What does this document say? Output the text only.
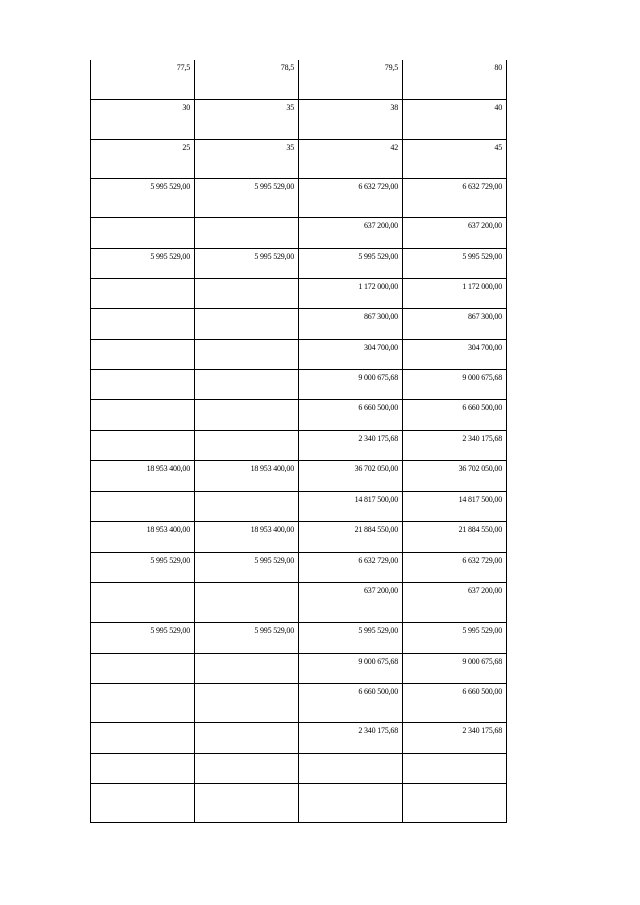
77,5	78,5	79,5	80
30	35	38	40
25	35	42	45
5 995 529,00	5 995 529,00	6 632 729,00	6 632 729,00
		637 200,00	637 200,00
5 995 529,00	5 995 529,00	5 995 529,00	5 995 529,00
		1 172 000,00	1 172 000,00
		867 300,00	867 300,00
		304 700,00	304 700,00
		9 000 675,68	9 000 675,68
		6 660 500,00	6 660 500,00
		2 340 175,68	2 340 175,68
18 953 400,00	18 953 400,00	36 702 050,00	36 702 050,00
		14 817 500,00	14 817 500,00
18 953 400,00	18 953 400,00	21 884 550,00	21 884 550,00
5 995 529,00	5 995 529,00	6 632 729,00	6 632 729,00
		637 200,00	637 200,00
5 995 529,00	5 995 529,00	5 995 529,00	5 995 529,00
		9 000 675,68	9 000 675,68
		6 660 500,00	6 660 500,00
		2 340 175,68	2 340 175,68
